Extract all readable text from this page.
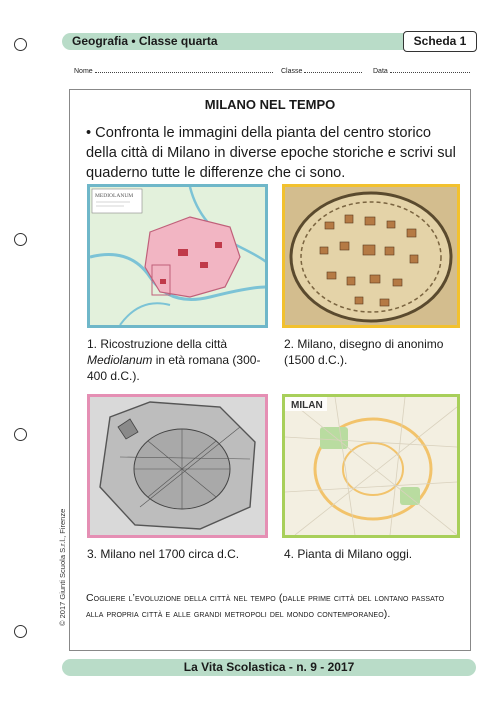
Geografia • Classe quarta	Scheda 1
Nome	Classe	Data
MILANO NEL TEMPO
• Confronta le immagini della pianta del centro storico della città di Milano in diverse epoche storiche e scrivi sul quaderno tutte le differenze che ci sono.
MEDIOLANUM
1. Ricostruzione della città Mediolanum in età romana (300-400 d.C.).
2. Milano, disegno di anonimo (1500 d.C.).
MILAN
3. Milano nel 1700 circa d.C.	4. Pianta di Milano oggi.
Cogliere l’evoluzione della città nel tempo (dalle prime città del lontano passato alla propria città e alle grandi metropoli del mondo contemporaneo).
© 2017 Giunti Scuola S.r.l., Firenze
La Vita Scolastica - n. 9 - 2017
